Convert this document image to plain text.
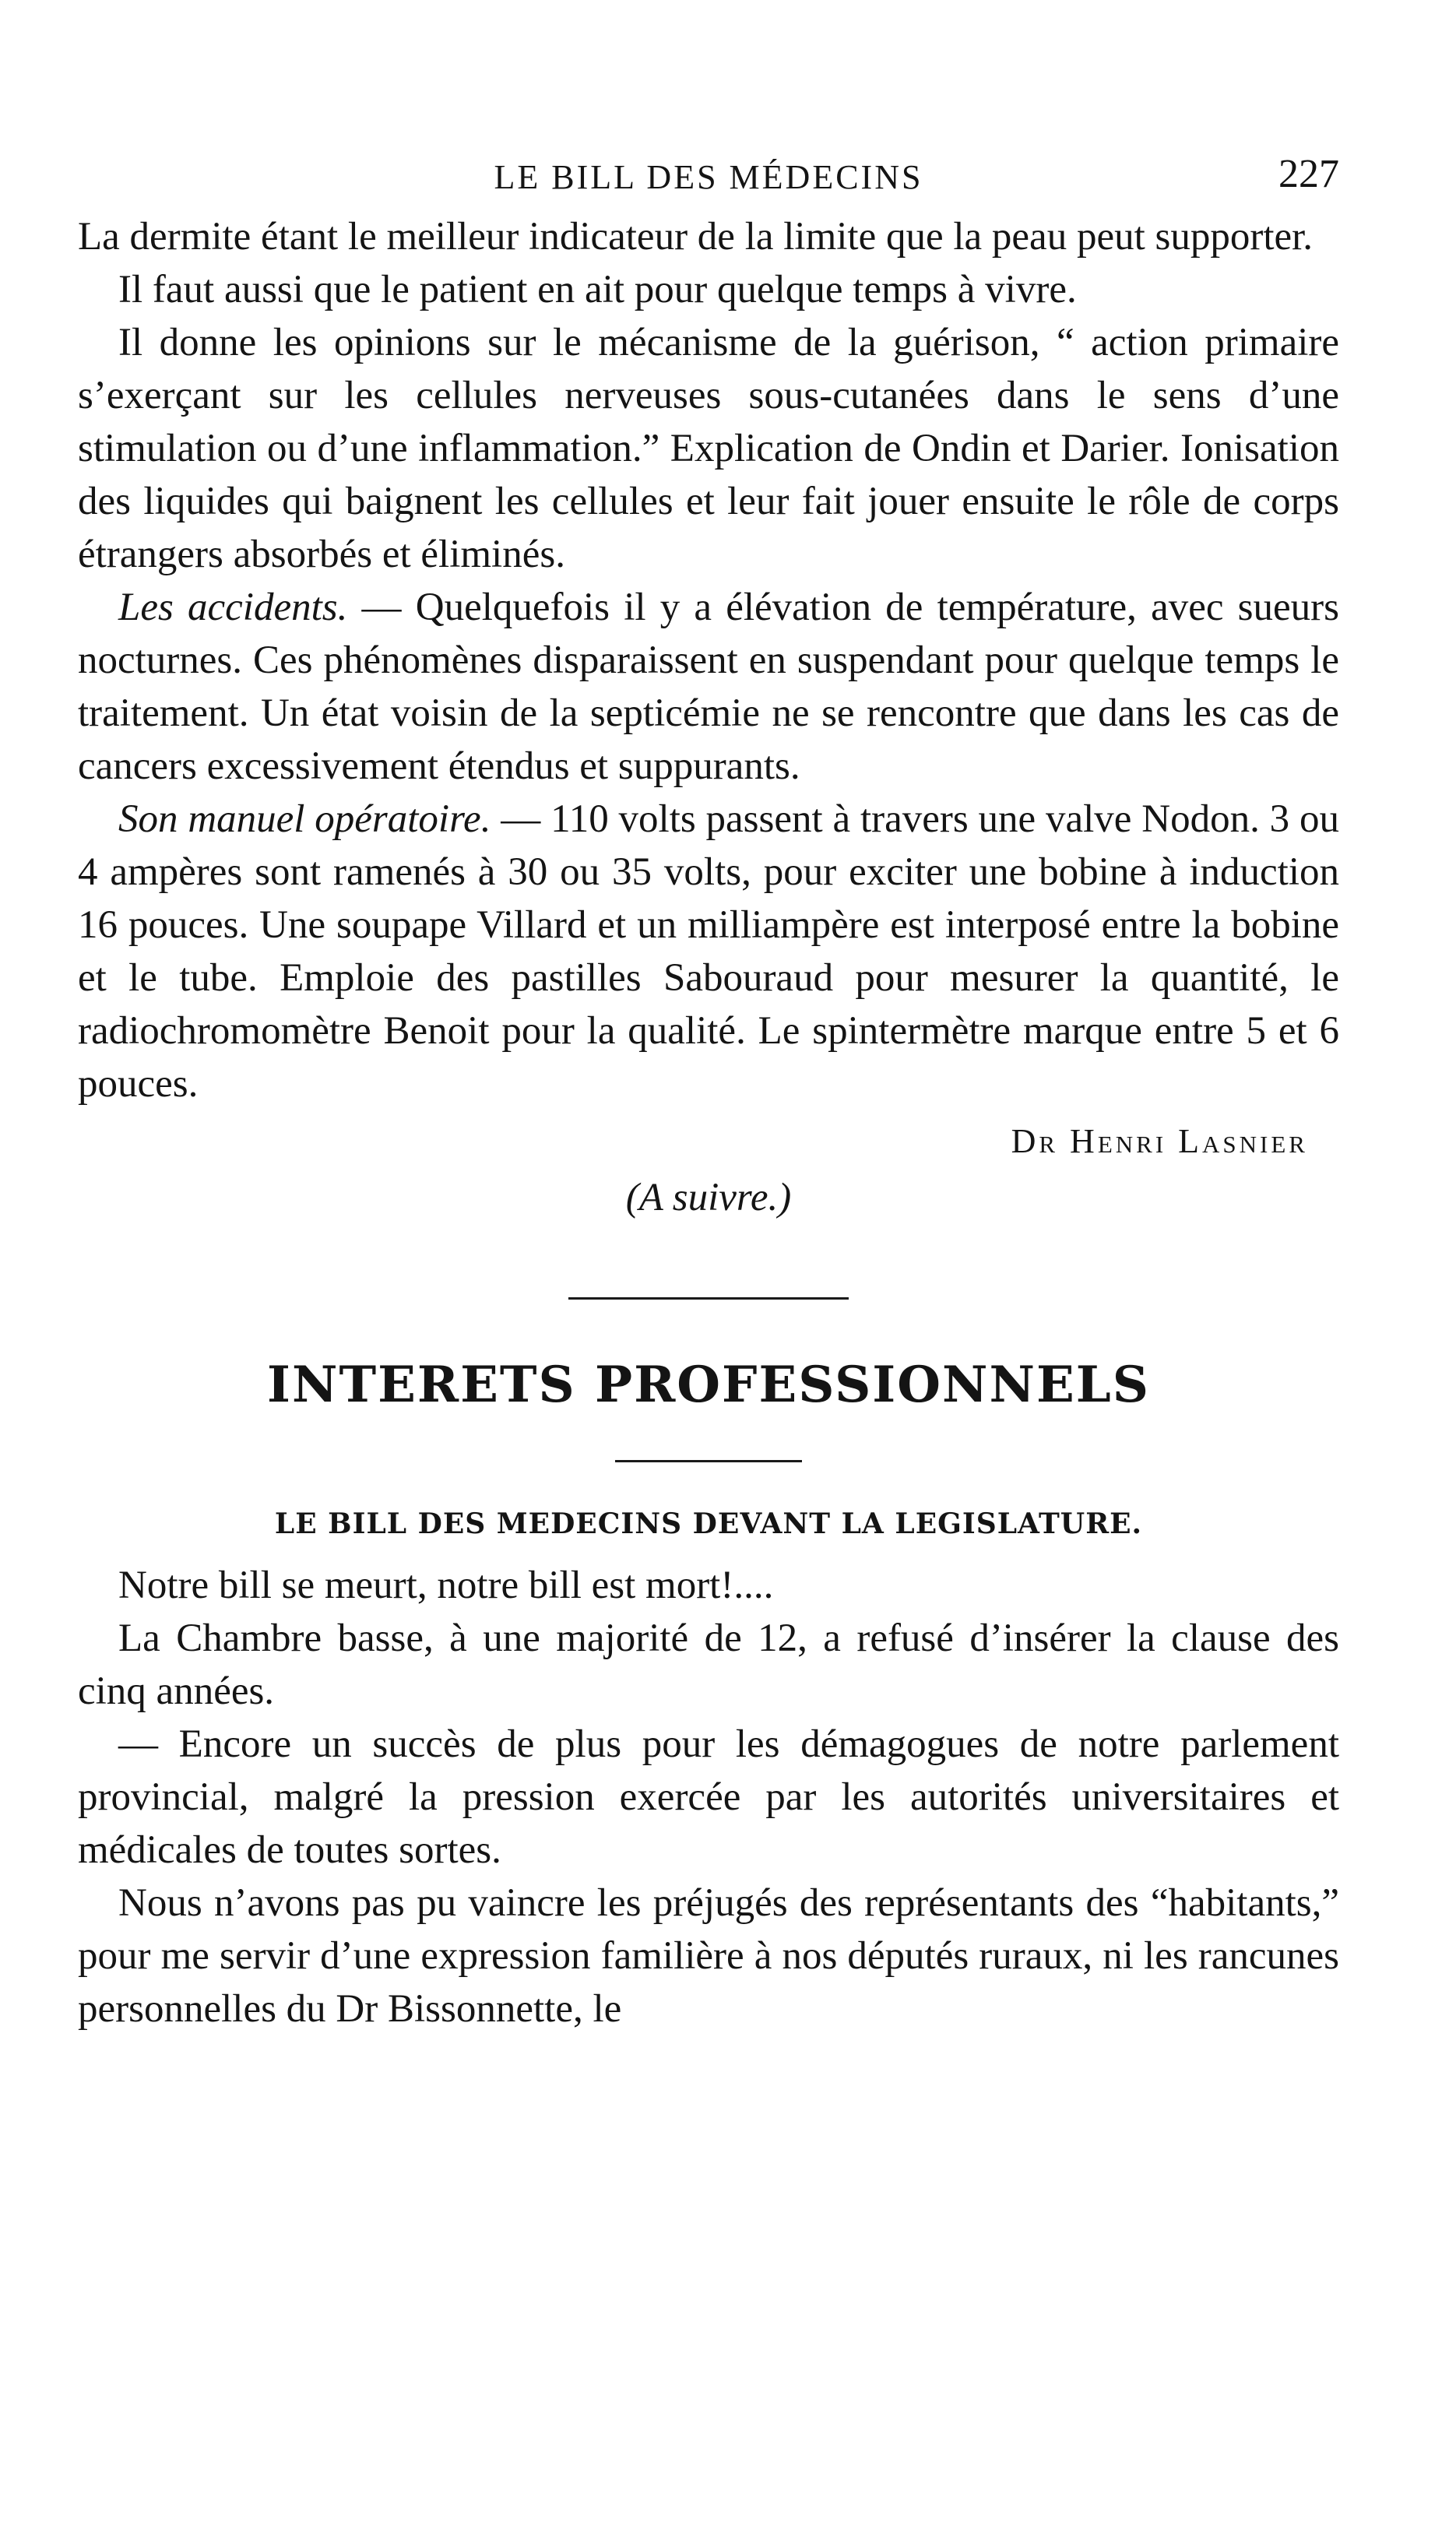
LE BILL DES MÉDECINS	227

La dermite étant le meilleur indicateur de la limite que la peau peut supporter.

Il faut aussi que le patient en ait pour quelque temps à vivre.

Il donne les opinions sur le mécanisme de la guérison, “ action primaire s’exerçant sur les cellules nerveuses sous-cutanées dans le sens d’une stimulation ou d’une inflammation.” Explication de Ondin et Darier. Ionisation des liquides qui baignent les cellules et leur fait jouer ensuite le rôle de corps étrangers absorbés et éliminés.

Les accidents. — Quelquefois il y a élévation de température, avec sueurs nocturnes. Ces phénomènes disparaissent en suspendant pour quelque temps le traitement. Un état voisin de la septicémie ne se rencontre que dans les cas de cancers excessivement étendus et suppurants.

Son manuel opératoire. — 110 volts passent à travers une valve Nodon. 3 ou 4 ampères sont ramenés à 30 ou 35 volts, pour exciter une bobine à induction 16 pouces. Une soupape Villard et un milliampère est interposé entre la bobine et le tube. Emploie des pastilles Sabouraud pour mesurer la quantité, le radiochromomètre Benoit pour la qualité. Le spintermètre marque entre 5 et 6 pouces.

Dr Henri Lasnier
(A suivre.)
INTERETS PROFESSIONNELS
LE BILL DES MEDECINS DEVANT LA LEGISLATURE.

Notre bill se meurt, notre bill est mort!....

La Chambre basse, à une majorité de 12, a refusé d’insérer la clause des cinq années.

— Encore un succès de plus pour les démagogues de notre parlement provincial, malgré la pression exercée par les autorités universitaires et médicales de toutes sortes.

Nous n’avons pas pu vaincre les préjugés des représentants des “habitants,” pour me servir d’une expression familière à nos députés ruraux, ni les rancunes personnelles du Dr Bissonnette, le
